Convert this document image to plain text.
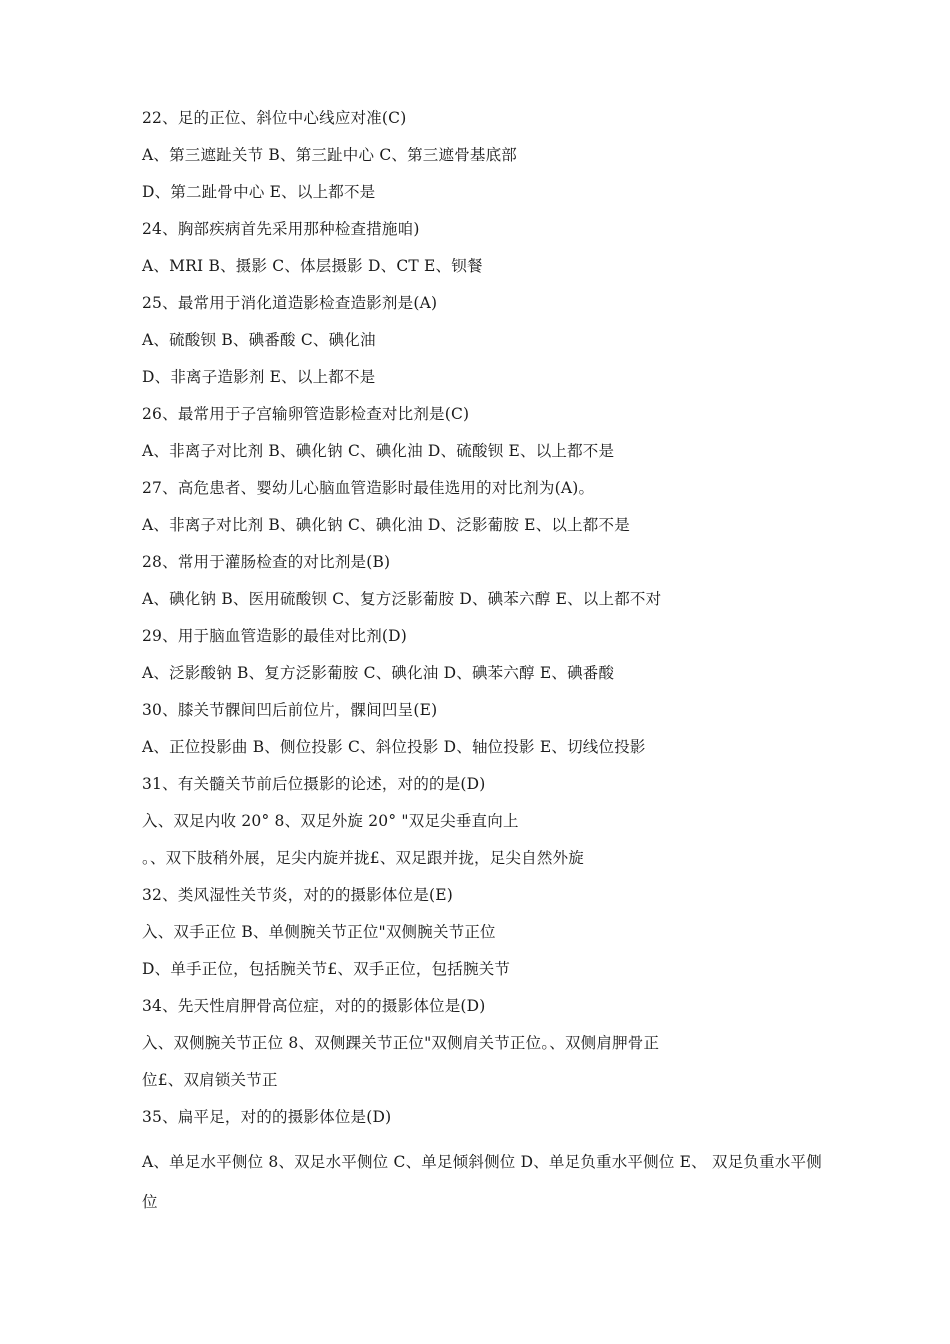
22、足的正位、斜位中心线应对准(C)
A、第三遮趾关节 B、第三趾中心 C、第三遮骨基底部
D、第二趾骨中心 E、以上都不是
24、胸部疾病首先采用那种检查措施咱)
A、MRI B、摄影 C、体层摄影 D、CT E、钡餐
25、最常用于消化道造影检查造影剂是(A)
A、硫酸钡 B、碘番酸 C、碘化油
D、非离子造影剂 E、以上都不是
26、最常用于子宫输卵管造影检查对比剂是(C)
A、非离子对比剂 B、碘化钠 C、碘化油 D、硫酸钡 E、以上都不是
27、高危患者、婴幼儿心脑血管造影时最佳选用的对比剂为(A)。
A、非离子对比剂 B、碘化钠 C、碘化油 D、泛影葡胺 E、以上都不是
28、常用于灌肠检查的对比剂是(B)
A、碘化钠 B、医用硫酸钡 C、复方泛影葡胺 D、碘苯六醇 E、以上都不对
29、用于脑血管造影的最佳对比剂(D)
A、泛影酸钠 B、复方泛影葡胺 C、碘化油 D、碘苯六醇 E、碘番酸
30、膝关节髁间凹后前位片，髁间凹呈(E)
A、正位投影曲 B、侧位投影 C、斜位投影 D、轴位投影 E、切线位投影
31、有关髓关节前后位摄影的论述，对的的是(D)
入、双足内收 20° 8、双足外旋 20° "双足尖垂直向上
。、双下肢稍外展，足尖内旋并拢£、双足跟并拢，足尖自然外旋
32、类风湿性关节炎，对的的摄影体位是(E)
入、双手正位 B、单侧腕关节正位"双侧腕关节正位
D、单手正位，包括腕关节£、双手正位，包括腕关节
34、先天性肩胛骨高位症，对的的摄影体位是(D)
入、双侧腕关节正位 8、双侧踝关节正位"双侧肩关节正位。、双侧肩胛骨正
位£、双肩锁关节正
35、扁平足，对的的摄影体位是(D)
A、单足水平侧位 8、双足水平侧位 C、单足倾斜侧位 D、单足负重水平侧位 E、 双足负重水平侧位
